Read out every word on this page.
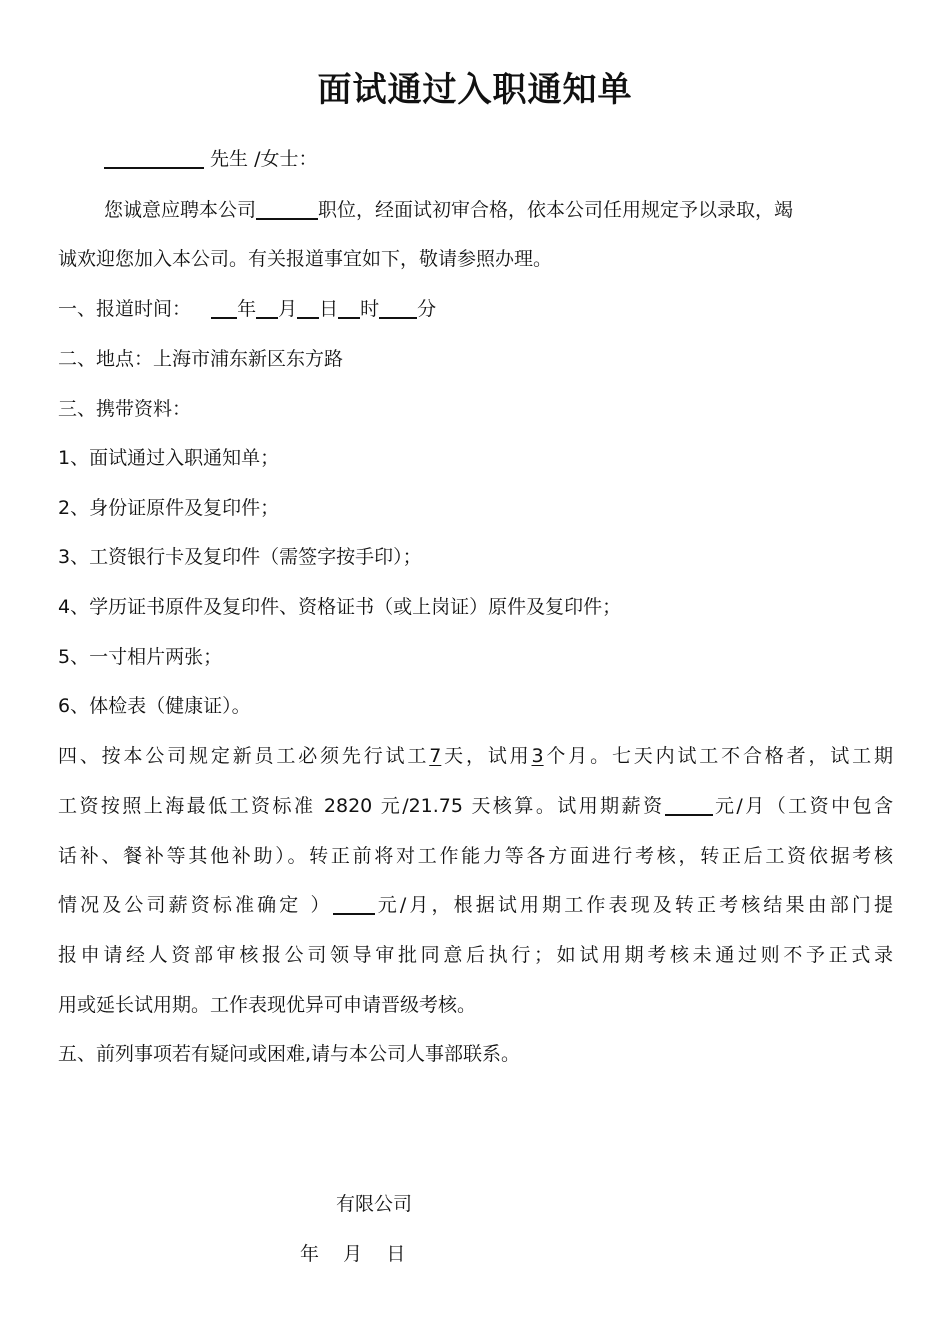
面试通过入职通知单
先生 /女士：
您诚意应聘本公司	职位，经面试初审合格，依本公司任用规定予以录取，竭
诚欢迎您加入本公司。有关报道事宜如下，敬请参照办理。
一、报道时间： 年 月 日 时 分
二、地点：上海市浦东新区东方路
三、携带资料：
1、面试通过入职通知单；
2、身份证原件及复印件；
3、工资银行卡及复印件（需签字按手印）；
4、学历证书原件及复印件、资格证书（或上岗证）原件及复印件；
5、一寸相片两张；
6、体检表（健康证）。
四、按本公司规定新员工必须先行试工7天，试用3个月。七天内试工不合格者，试工期
工资按照上海最低工资标准 2820 元/21.75 天核算。试用期薪资	元/月（工资中包含
话补、餐补等其他补助）。转正前将对工作能力等各方面进行考核，转正后工资依据考核
情况及公司薪资标准确定 ） 元/月，根据试用期工作表现及转正考核结果由部门提
报申请经人资部审核报公司领导审批同意后执行；如试用期考核未通过则不予正式录
用或延长试用期。工作表现优异可申请晋级考核。
五、前列事项若有疑问或困难,请与本公司人事部联系。
有限公司
年    月    日
